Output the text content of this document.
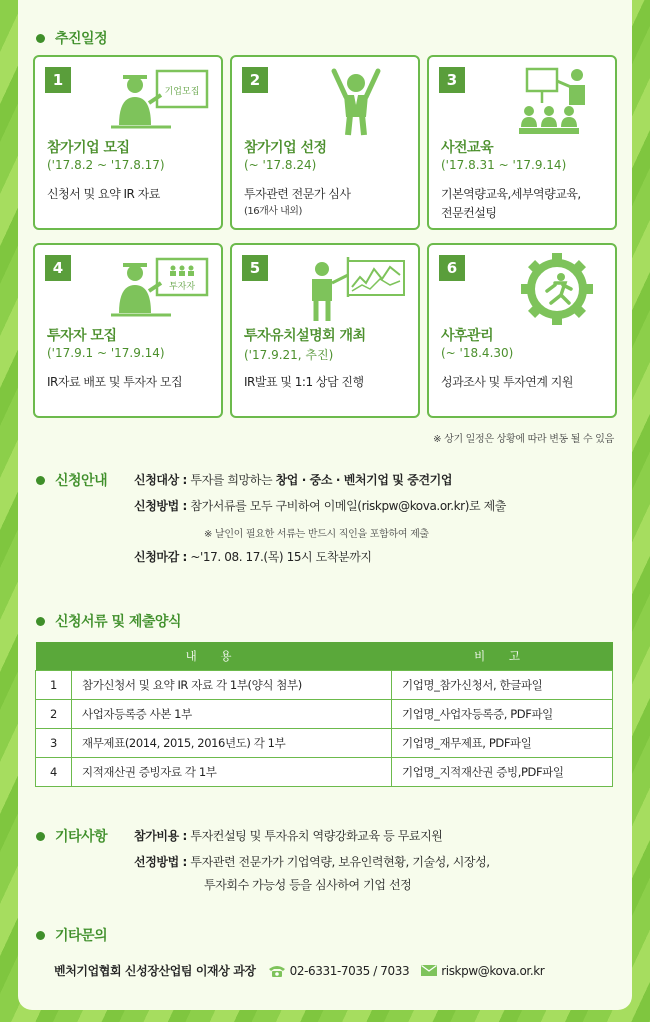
추진일정
1
기업모집
참가기업 모집
('17.8.2 ~ '17.8.17)
신청서 및 요약 IR 자료
2
참가기업 선정
(~ '17.8.24)
투자관련 전문가 심사
(16개사 내외)
3
사전교육
('17.8.31 ~ '17.9.14)
기본역량교육,세부역량교육,
전문컨설팅
4
투자자
투자자 모집
('17.9.1 ~ '17.9.14)
IR자료 배포 및 투자자 모집
5
투자유치설명회 개최
('17.9.21, 추진)
IR발표 및 1:1 상담 진행
6
사후관리
(~ '18.4.30)
성과조사 및 투자연계 지원
※ 상기 일정은 상황에 따라 변동 될 수 있음
신청안내 신청대상 : 투자를 희망하는 창업 · 중소 · 벤처기업 및 중견기업
신청방법 : 참가서류를 모두 구비하여 이메일(riskpw@kova.or.kr)로 제출
※ 날인이 필요한 서류는 반드시 직인을 포함하여 제출
신청마감 : ~'17. 08. 17.(목) 15시 도착분까지
신청서류 및 제출양식
내 용		비 고
1	참가신청서 및 요약 IR 자료 각 1부(양식 첨부)	기업명_참가신청서, 한글파일
2	사업자등록증 사본 1부	기업명_사업자등록증, PDF파일
3	재무제표(2014, 2015, 2016년도) 각 1부	기업명_재무제표, PDF파일
4	지적재산권 증빙자료 각 1부	기업명_지적재산권 증빙,PDF파일
기타사항 참가비용 : 투자컨설팅 및 투자유치 역량강화교육 등 무료지원
선정방법 : 투자관련 전문가가 기업역량, 보유인력현황, 기술성, 시장성,
투자회수 가능성 등을 심사하여 기업 선정
기타문의
벤처기업협회 신성장산업팀 이재상 과장	02-6331-7035 / 7033	riskpw@kova.or.kr
